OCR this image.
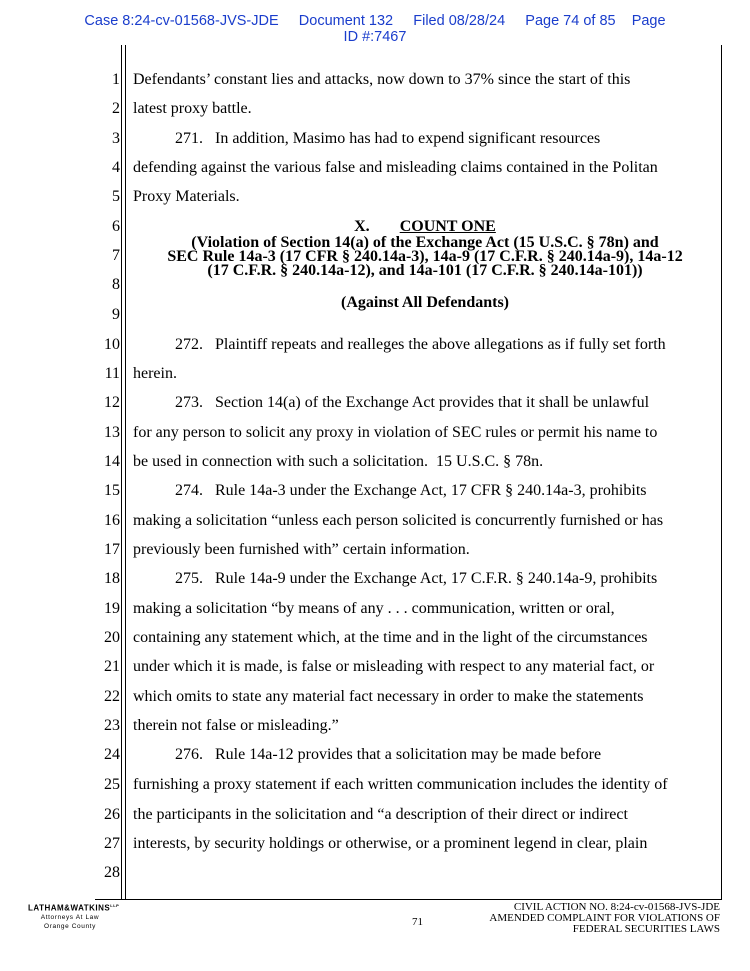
Case 8:24-cv-01568-JVS-JDE     Document 132     Filed 08/28/24     Page 74 of 85    Page
ID #:7467
1
2
3
4
5
6
7
8
9
10
11
12
13
14
15
16
17
18
19
20
21
22
23
24
25
26
27
28
Defendants’ constant lies and attacks, now down to 37% since the start of this
latest proxy battle.
271.   In addition, Masimo has had to expend significant resources
defending against the various false and misleading claims contained in the Politan
Proxy Materials.
X. COUNT ONE
(Violation of Section 14(a) of the Exchange Act (15 U.S.C. § 78n) and
SEC Rule 14a-3 (17 CFR § 240.14a-3), 14a-9 (17 C.F.R. § 240.14a-9), 14a-12
(17 C.F.R. § 240.14a-12), and 14a-101 (17 C.F.R. § 240.14a-101))
(Against All Defendants)
272.   Plaintiff repeats and realleges the above allegations as if fully set forth
herein.
273.   Section 14(a) of the Exchange Act provides that it shall be unlawful
for any person to solicit any proxy in violation of SEC rules or permit his name to
be used in connection with such a solicitation.  15 U.S.C. § 78n.
274.   Rule 14a-3 under the Exchange Act, 17 CFR § 240.14a-3, prohibits
making a solicitation “unless each person solicited is concurrently furnished or has
previously been furnished with” certain information.
275.   Rule 14a-9 under the Exchange Act, 17 C.F.R. § 240.14a-9, prohibits
making a solicitation “by means of any . . . communication, written or oral,
containing any statement which, at the time and in the light of the circumstances
under which it is made, is false or misleading with respect to any material fact, or
which omits to state any material fact necessary in order to make the statements
therein not false or misleading.”
276.   Rule 14a-12 provides that a solicitation may be made before
furnishing a proxy statement if each written communication includes the identity of
the participants in the solicitation and “a description of their direct or indirect
interests, by security holdings or otherwise, or a prominent legend in clear, plain
$LATHAM\&WATKINS^{LLP}$
Attorneys At Law
Orange County	71
CIVIL ACTION NO. 8:24-cv-01568-JVS-JDE
AMENDED COMPLAINT FOR VIOLATIONS OF
FEDERAL SECURITIES LAWS
